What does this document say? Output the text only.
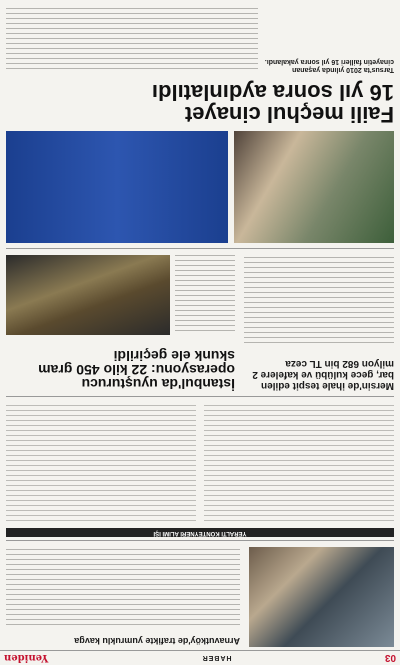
03
HABER
Yeniden
Arnavutköy'de trafikte yumruklu kavga
YERALTI KONTEYNERİ ALIMI İŞİ
Mersin'de ihale tespit edilen bar, gece kulübü ve kafelere 2 milyon 682 bin TL ceza
İstanbul'da uyuşturucu
operasyonu: 22 kilo 450 gram
skunk ele geçirildi
Faili meçhul cinayet
16 yıl sonra aydınlatıldı
Tarsus'ta 2010 yılında yaşanan cinayetin failleri 16 yıl sonra yakalandı.
